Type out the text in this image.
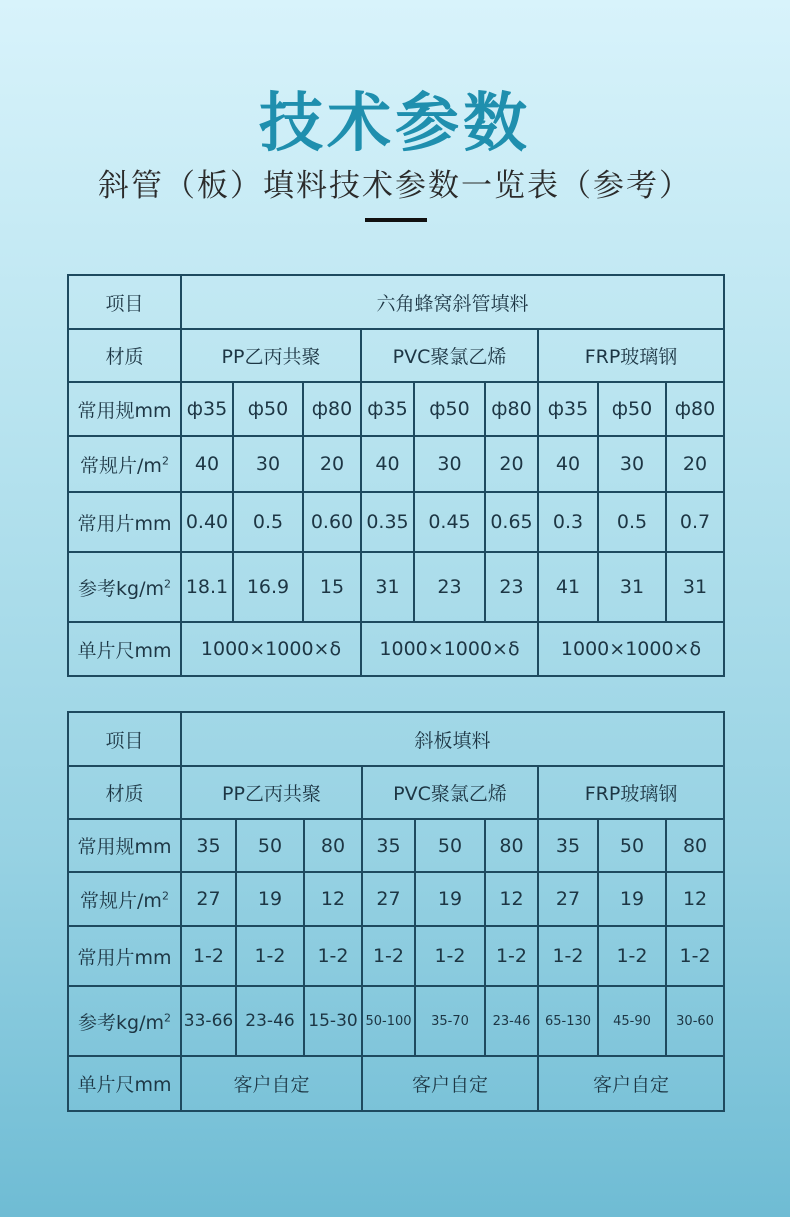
技术参数
斜管（板）填料技术参数一览表（参考）
项目	六角蜂窝斜管填料								
材质	PP乙丙共聚			PVC聚氯乙烯			FRP玻璃钢		
常用规mm	ф35	ф50	ф80	ф35	ф50	ф80	ф35	ф50	ф80
常规片$/m^2$	40	30	20	40	30	20	40	30	20
常用片mm	0.40	0.5	0.60	0.35	0.45	0.65	0.3	0.5	0.7
参考$kg/m^2$	18.1	16.9	15	31	23	23	41	31	31
单片尺mm	1000×1000×δ			1000×1000×δ			1000×1000×δ		
项目	斜板填料								
材质	PP乙丙共聚			PVC聚氯乙烯			FRP玻璃钢		
常用规mm	35	50	80	35	50	80	35	50	80
常规片$/m^2$	27	19	12	27	19	12	27	19	12
常用片mm	1-2	1-2	1-2	1-2	1-2	1-2	1-2	1-2	1-2
参考$kg/m^2$	33-66	23-46	15-30	50-100	35-70	23-46	65-130	45-90	30-60
单片尺mm	客户自定			客户自定			客户自定		
